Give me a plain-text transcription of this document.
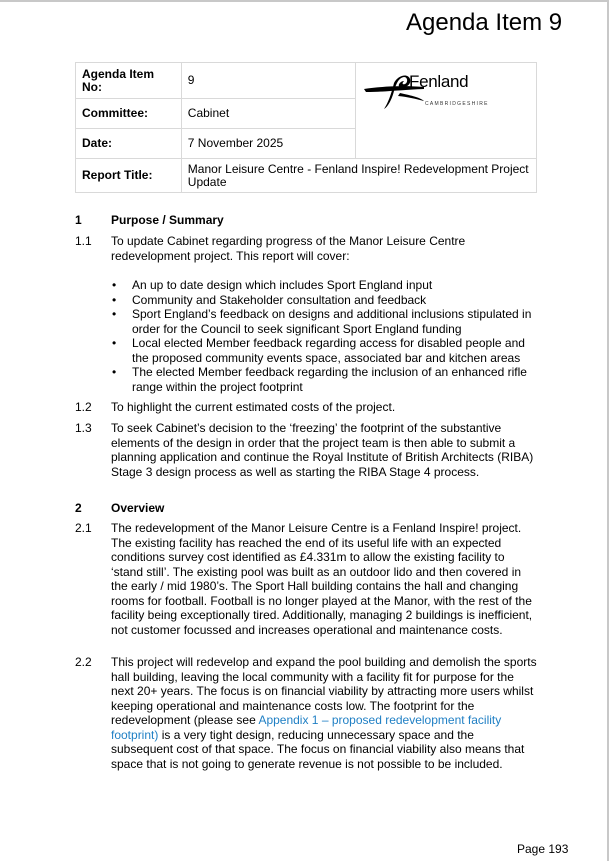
Agenda Item 9
Agenda Item No:	9	Fenland
CAMBRIDGESHIRE

Committee:	Cabinet	
Date:	7 November 2025	
Report Title:	Manor Leisure Centre - Fenland Inspire! Redevelopment Project Update	
1	Purpose / Summary
1.1	To update Cabinet regarding progress of the Manor Leisure Centre redevelopment project. This report will cover:
• An up to date design which includes Sport England input
• Community and Stakeholder consultation and feedback
• Sport England’s feedback on designs and additional inclusions stipulated in order for the Council to seek significant Sport England funding
• Local elected Member feedback regarding access for disabled people and the proposed community events space, associated bar and kitchen areas
• The elected Member feedback regarding the inclusion of an enhanced rifle range within the project footprint
1.2	To highlight the current estimated costs of the project.
1.3	To seek Cabinet’s decision to the ‘freezing’ the footprint of the substantive elements of the design in order that the project team is then able to submit a planning application and continue the Royal Institute of British Architects (RIBA) Stage 3 design process as well as starting the RIBA Stage 4 process.
2	Overview
2.1	The redevelopment of the Manor Leisure Centre is a Fenland Inspire! project. The existing facility has reached the end of its useful life with an expected conditions survey cost identified as £4.331m to allow the existing facility to ‘stand still’. The existing pool was built as an outdoor lido and then covered in the early / mid 1980’s. The Sport Hall building contains the hall and changing rooms for football. Football is no longer played at the Manor, with the rest of the facility being exceptionally tired. Additionally, managing 2 buildings is inefficient, not customer focussed and increases operational and maintenance costs.
2.2	This project will redevelop and expand the pool building and demolish the sports hall building, leaving the local community with a facility fit for purpose for the next 20+ years. The focus is on financial viability by attracting more users whilst keeping operational and maintenance costs low. The footprint for the redevelopment (please see Appendix 1 – proposed redevelopment facility footprint) is a very tight design, reducing unnecessary space and the subsequent cost of that space. The focus on financial viability also means that space that is not going to generate revenue is not possible to be included.
Page 193
